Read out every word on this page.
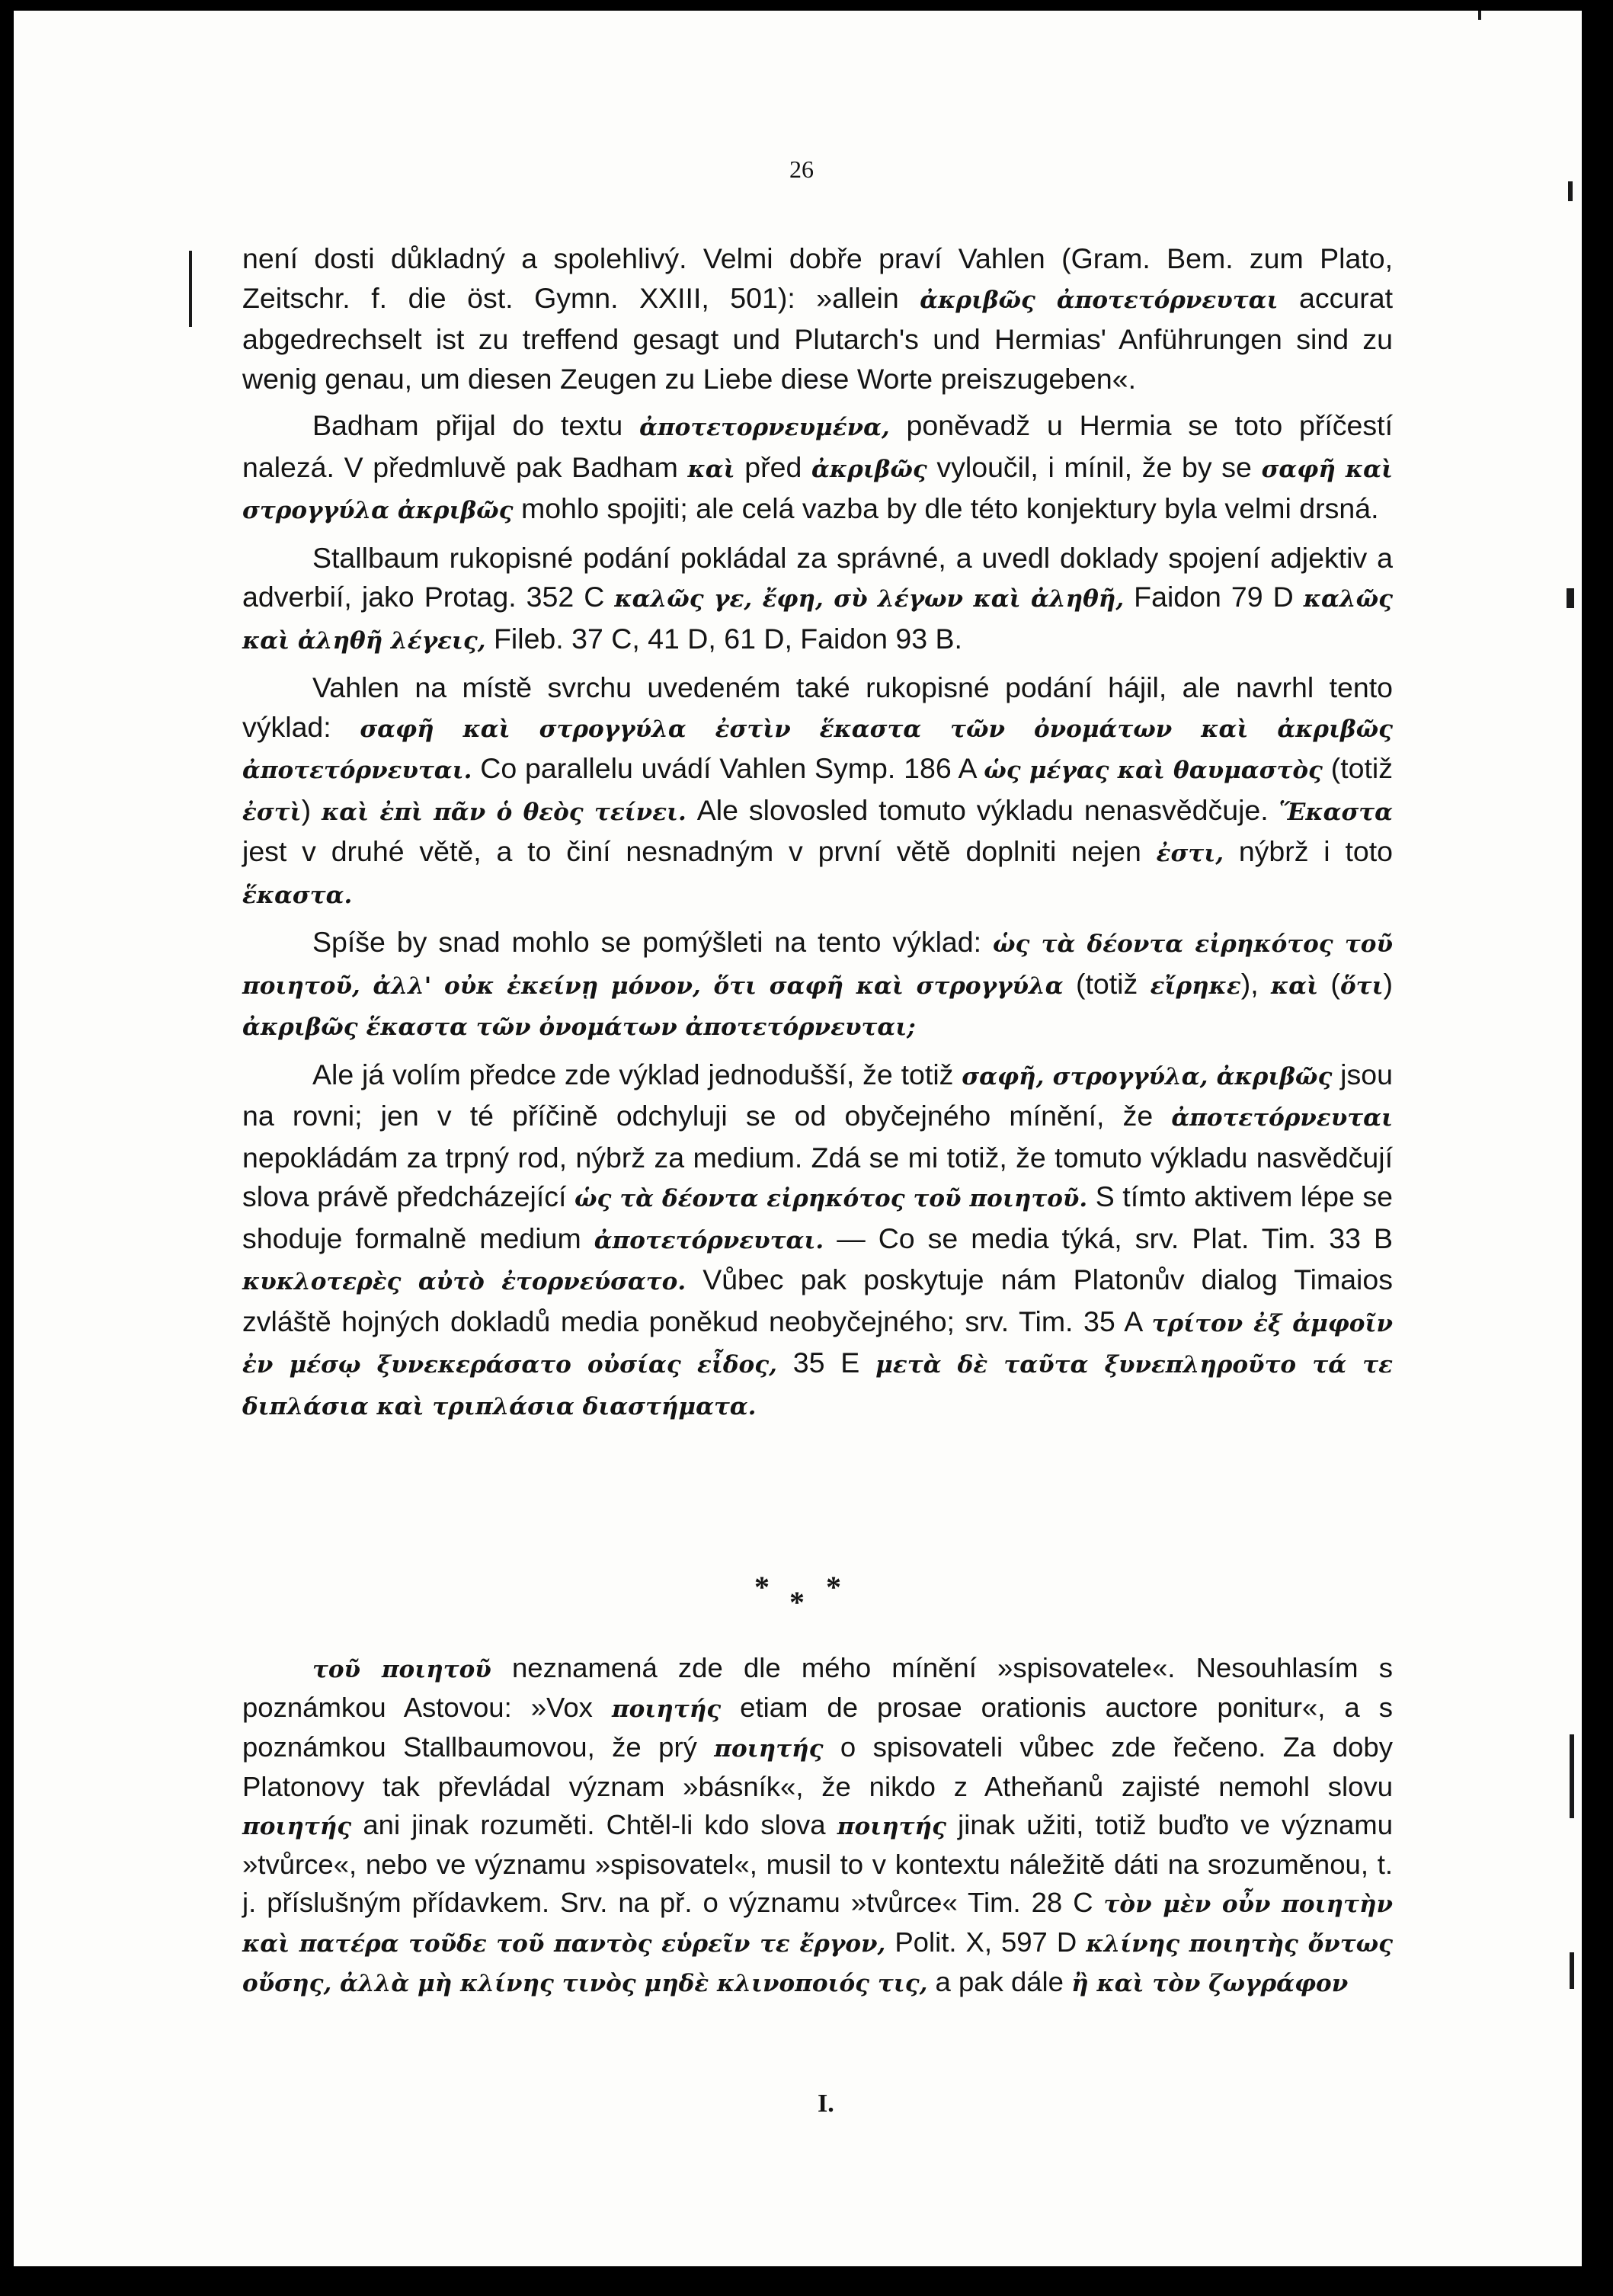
26

není dosti důkladný a spolehlivý. Velmi dobře praví Vahlen (Gram. Bem. zum Plato, Zeitschr. f. die öst. Gymn. XXIII, 501): »allein ἀκριβῶς ἀποτετόρνευται accurat abgedrechselt ist zu treffend gesagt und Plutarch's und Hermias' Anführungen sind zu wenig genau, um diesen Zeugen zu Liebe diese Worte preiszugeben«.

Badham přijal do textu ἀποτετορνευμένα, poněvadž u Hermia se toto příčestí nalezá. V předmluvě pak Badham καὶ před ἀκριβῶς vyloučil, i mínil, že by se σαφῆ καὶ στρογγύλα ἀκριβῶς mohlo spojiti; ale celá vazba by dle této konjektury byla velmi drsná.

Stallbaum rukopisné podání pokládal za správné, a uvedl doklady spojení adjektiv a adverbií, jako Protag. 352 C καλῶς γε, ἔφη, σὺ λέγων καὶ ἀληθῆ, Faidon 79 D καλῶς καὶ ἀληθῆ λέγεις, Fileb. 37 C, 41 D, 61 D, Faidon 93 B.

Vahlen na místě svrchu uvedeném také rukopisné podání hájil, ale navrhl tento výklad: σαφῆ καὶ στρογγύλα ἐστὶν ἕκαστα τῶν ὀνομάτων καὶ ἀκριβῶς ἀποτετόρνευται. Co parallelu uvádí Vahlen Symp. 186 A ὡς μέγας καὶ θαυμαστὸς (totiž ἐστὶ) καὶ ἐπὶ πᾶν ὁ θεὸς τείνει. Ale slovosled tomuto výkladu nenasvědčuje. Ἕκαστα jest v druhé větě, a to činí nesnadným v první větě doplniti nejen ἐστι, nýbrž i toto ἕκαστα.

Spíše by snad mohlo se pomýšleti na tento výklad: ὡς τὰ δέοντα εἰρηκότος τοῦ ποιητοῦ, ἀλλ' οὐκ ἐκείνῃ μόνον, ὅτι σαφῆ καὶ στρογγύλα (totiž εἴρηκε), καὶ (ὅτι) ἀκριβῶς ἕκαστα τῶν ὀνομάτων ἀποτετόρνευται;

Ale já volím předce zde výklad jednodušší, že totiž σαφῆ, στρογγύλα, ἀκριβῶς jsou na rovni; jen v té příčině odchyluji se od obyčejného mínění, že ἀποτετόρνευται nepokládám za trpný rod, nýbrž za medium. Zdá se mi totiž, že tomuto výkladu nasvědčují slova právě předcházející ὡς τὰ δέοντα εἰρηκότος τοῦ ποιητοῦ. S tímto aktivem lépe se shoduje formalně medium ἀποτετόρνευται. — Co se media týká, srv. Plat. Tim. 33 B κυκλοτερὲς αὐτὸ ἐτορνεύσατο. Vůbec pak poskytuje nám Platonův dialog Timaios zvláště hojných dokladů media poněkud neobyčejného; srv. Tim. 35 A τρίτον ἐξ ἀμφοῖν ἐν μέσῳ ξυνεκεράσατο οὐσίας εἶδος, 35 E μετὰ δὲ ταῦτα ξυνεπληροῦτο τά τε διπλάσια καὶ τριπλάσια διαστήματα.

* * *

τοῦ ποιητοῦ neznamená zde dle mého mínění »spisovatele«. Nesouhlasím s poznámkou Astovou: »Vox ποιητής etiam de prosae orationis auctore ponitur«, a s poznámkou Stallbaumovou, že prý ποιητής o spisovateli vůbec zde řečeno. Za doby Platonovy tak převládal význam »básník«, že nikdo z Atheňanů zajisté nemohl slovu ποιητής ani jinak rozuměti. Chtěl-li kdo slova ποιητής jinak užiti, totiž buďto ve významu »tvůrce«, nebo ve významu »spisovatel«, musil to v kontextu náležitě dáti na srozuměnou, t. j. příslušným přídavkem. Srv. na př. o významu »tvůrce« Tim. 28 C τὸν μὲν οὖν ποιητὴν καὶ πατέρα τοῦδε τοῦ παντὸς εὑρεῖν τε ἔργον, Polit. X, 597 D κλίνης ποιητὴς ὄντως οὔσης, ἀλλὰ μὴ κλίνης τινὸς μηδὲ κλινοποιός τις, a pak dále ἢ καὶ τὸν ζωγράφον

I.
